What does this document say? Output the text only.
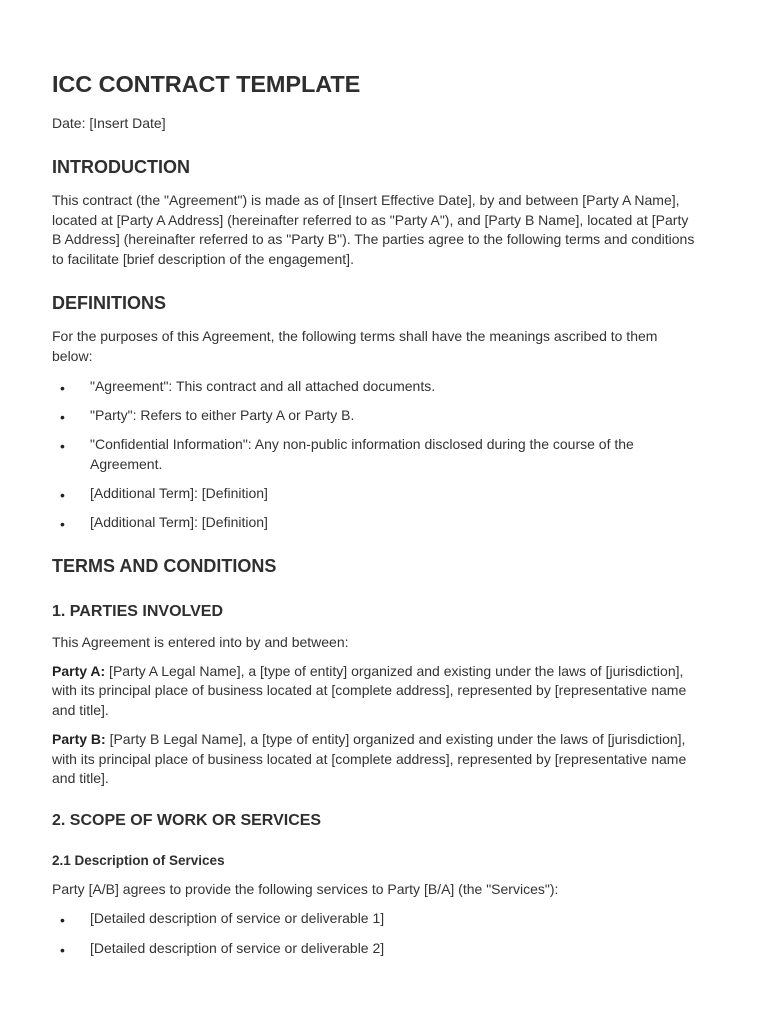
ICC CONTRACT TEMPLATE

Date: [Insert Date]

INTRODUCTION

This contract (the "Agreement") is made as of [Insert Effective Date], by and between [Party A Name], located at [Party A Address] (hereinafter referred to as "Party A"), and [Party B Name], located at [Party B Address] (hereinafter referred to as "Party B"). The parties agree to the following terms and conditions to facilitate [brief description of the engagement].

DEFINITIONS

For the purposes of this Agreement, the following terms shall have the meanings ascribed to them below:

• "Agreement": This contract and all attached documents.
• "Party": Refers to either Party A or Party B.
• "Confidential Information": Any non-public information disclosed during the course of the Agreement.
• [Additional Term]: [Definition]
• [Additional Term]: [Definition]
TERMS AND CONDITIONS
1. PARTIES INVOLVED

This Agreement is entered into by and between:

Party A: [Party A Legal Name], a [type of entity] organized and existing under the laws of [jurisdiction], with its principal place of business located at [complete address], represented by [representative name and title].

Party B: [Party B Legal Name], a [type of entity] organized and existing under the laws of [jurisdiction], with its principal place of business located at [complete address], represented by [representative name and title].

2. SCOPE OF WORK OR SERVICES
2.1 Description of Services

Party [A/B] agrees to provide the following services to Party [B/A] (the "Services"):

• [Detailed description of service or deliverable 1]
• [Detailed description of service or deliverable 2]
